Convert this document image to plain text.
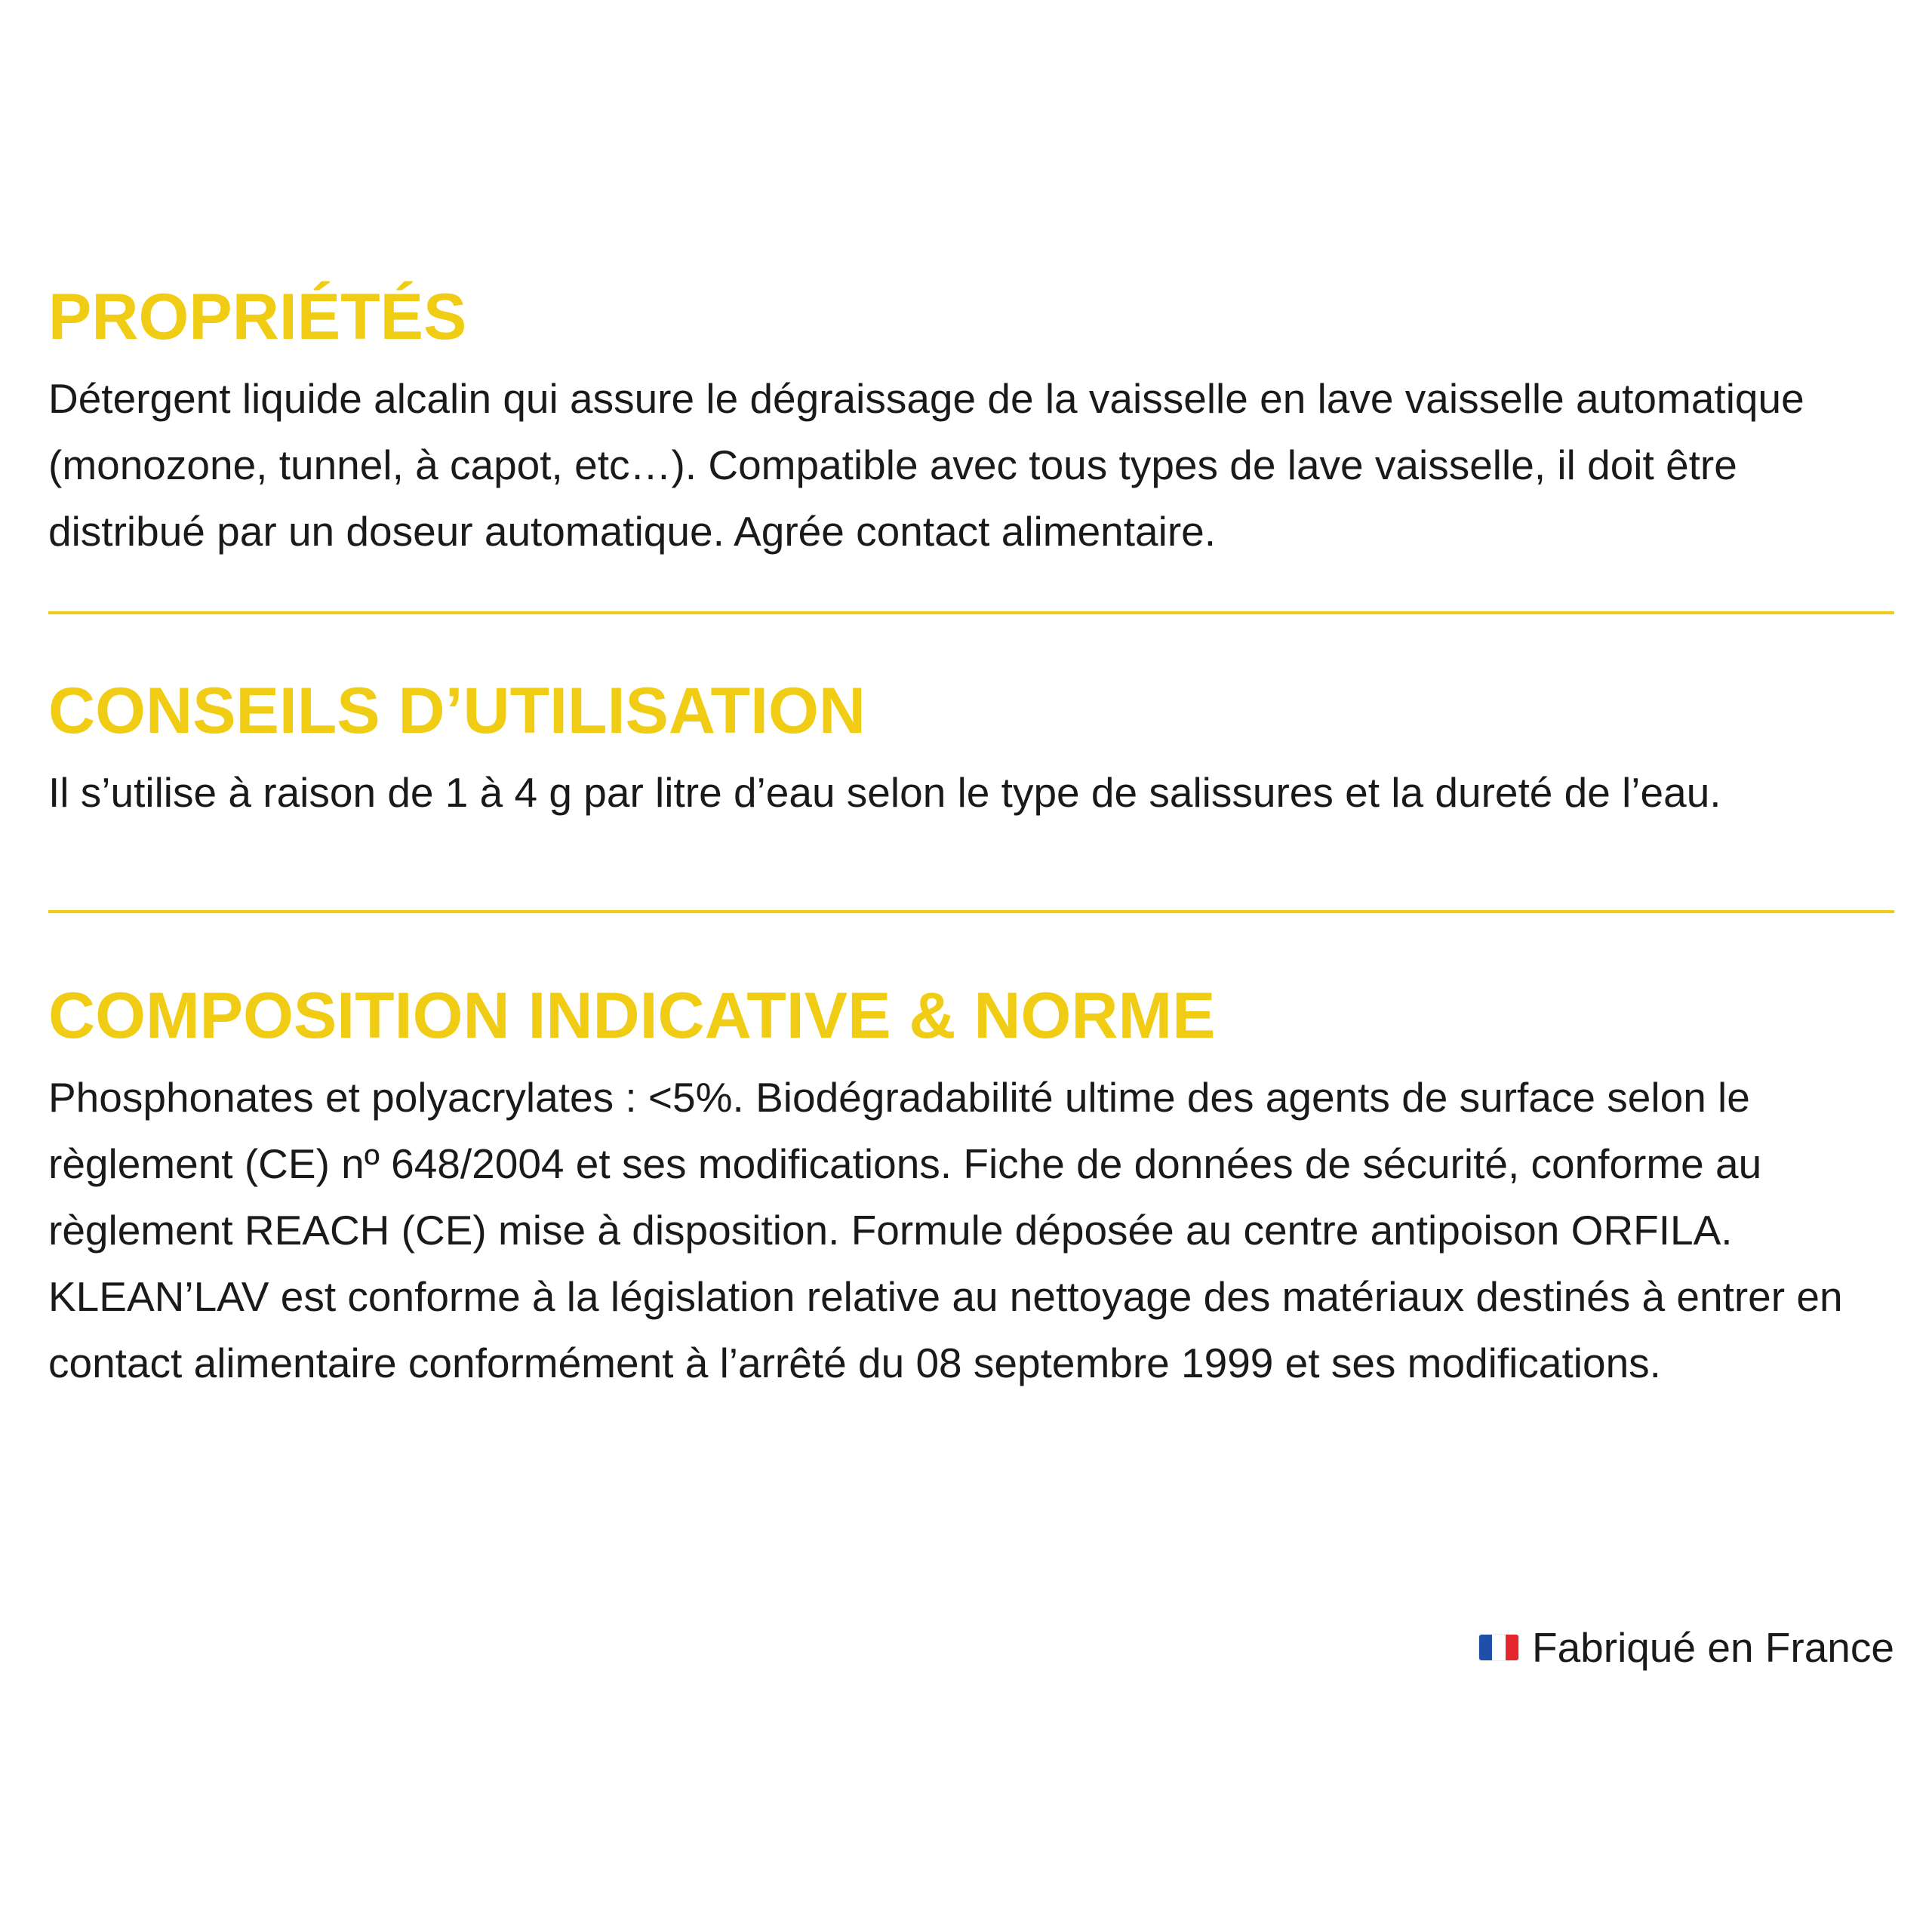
PROPRIÉTÉS

Détergent liquide alcalin qui assure le dégraissage de la vaisselle en lave vaisselle automatique (monozone, tunnel, à capot, etc…). Compatible avec tous types de lave vaisselle, il doit être distribué par un doseur automatique. Agrée contact alimentaire.

CONSEILS D’UTILISATION

Il s’utilise à raison de 1 à 4 g par litre d’eau selon le type de salissures et la dureté de l’eau.

COMPOSITION INDICATIVE & NORME

Phosphonates et polyacrylates : <5%. Biodégradabilité ultime des agents de surface selon le règlement (CE) nº 648/2004 et ses modifications. Fiche de données de sécurité, conforme au règlement REACH (CE) mise à disposition. Formule déposée au centre antipoison ORFILA. KLEAN’LAV est conforme à la législation relative au nettoyage des matériaux destinés à entrer en contact alimentaire conformément à l’arrêté du 08 septembre 1999 et ses modifications.

Fabriqué en France
